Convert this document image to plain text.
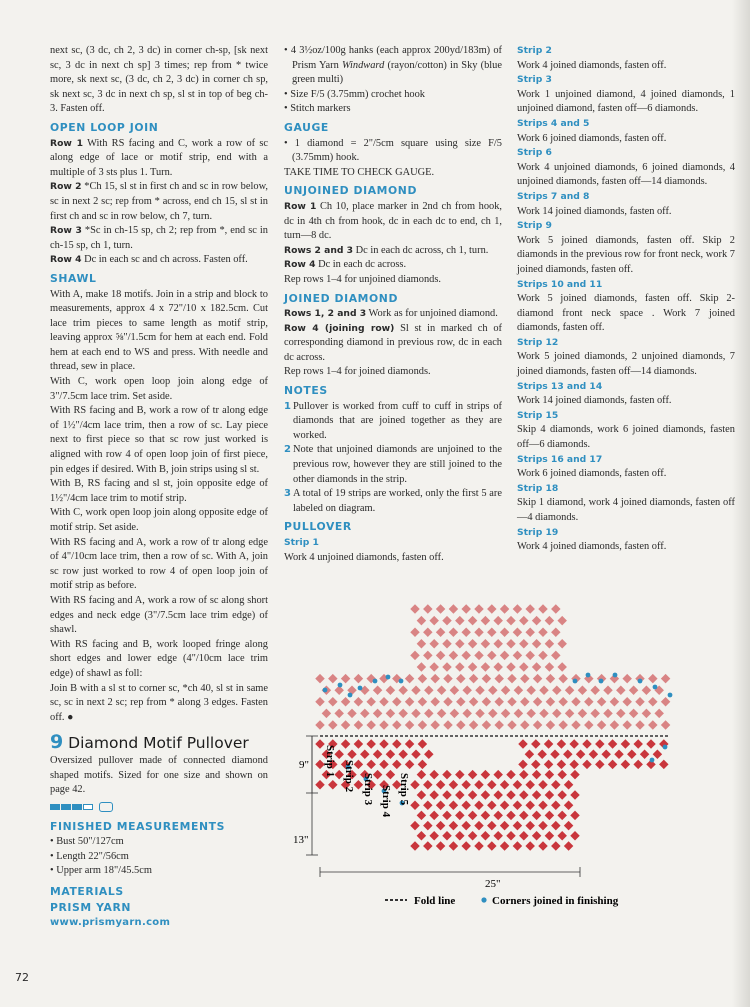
next sc, (3 dc, ch 2, 3 dc) in corner ch-sp, [sk next sc, 3 dc in next ch sp] 3 times; rep from * twice more, sk next sc, (3 dc, ch 2, 3 dc) in corner ch sp, sk next sc, 3 dc in next ch sp, sl st in top of beg ch-3. Fasten off.

OPEN LOOP JOIN

Row 1 With RS facing and C, work a row of sc along edge of lace or motif strip, end with a multiple of 3 sts plus 1. Turn.

Row 2 *Ch 15, sl st in first ch and sc in row below, sc in next 2 sc; rep from * across, end ch 15, sl st in first ch and sc in row below, ch 7, turn.

Row 3 *Sc in ch-15 sp, ch 2; rep from *, end sc in ch-15 sp, ch 1, turn.

Row 4 Dc in each sc and ch across. Fasten off.

SHAWL

With A, make 18 motifs. Join in a strip and block to measurements, approx 4 x 72"/10 x 182.5cm. Cut lace trim pieces to same length as motif strip, leaving approx ⅝"/1.5cm for hem at each end. Fold hem at each end to WS and press. With needle and thread, sew in place.

With C, work open loop join along edge of 3"/7.5cm lace trim. Set aside.

With RS facing and B, work a row of tr along edge of 1½"/4cm lace trim, then a row of sc. Lay piece next to first piece so that sc row just worked is aligned with row 4 of open loop join of first piece, pin edges if desired. With B, join strips using sl st.

With B, RS facing and sl st, join opposite edge of 1½"/4cm lace trim to motif strip.

With C, work open loop join along opposite edge of motif strip. Set aside.

With RS facing and A, work a row of tr along edge of 4"/10cm lace trim, then a row of sc. With A, join sc row just worked to row 4 of open loop join of motif strip as before.

With RS facing and A, work a row of sc along short edges and neck edge (3"/7.5cm lace trim edge) of shawl.

With RS facing and B, work looped fringe along short edges and lower edge (4"/10cm lace trim edge) of shawl as foll:

Join B with a sl st to corner sc, *ch 40, sl st in same sc, sc in next 2 sc; rep from * along 3 edges. Fasten off. ●

9 Diamond Motif Pullover

Oversized pullover made of connected diamond shaped motifs. Sized for one size and shown on page 42.

FINISHED MEASUREMENTS

• Bust 50"/127cm

• Length 22"/56cm

• Upper arm 18"/45.5cm

MATERIALS
PRISM YARN
www.prismyarn.com

• 4 3½oz/100g hanks (each approx 200yd/183m) of Prism Yarn Windward (rayon/cotton) in Sky (blue green multi)

• Size F/5 (3.75mm) crochet hook

• Stitch markers

GAUGE

• 1 diamond = 2"/5cm square using size F/5 (3.75mm) hook.

TAKE TIME TO CHECK GAUGE.

UNJOINED DIAMOND

Row 1 Ch 10, place marker in 2nd ch from hook, dc in 4th ch from hook, dc in each dc to end, ch 1, turn—8 dc.

Rows 2 and 3 Dc in each dc across, ch 1, turn.

Row 4 Dc in each dc across.

Rep rows 1–4 for unjoined diamonds.

JOINED DIAMOND

Rows 1, 2 and 3 Work as for unjoined diamond.

Row 4 (joining row) Sl st in marked ch of corresponding diamond in previous row, dc in each dc across.

Rep rows 1–4 for joined diamonds.

NOTES
1 Pullover is worked from cuff to cuff in strips of diamonds that are joined together as they are worked.

2 Note that unjoined diamonds are unjoined to the previous row, however they are still joined to the other diamonds in the strip.

3 A total of 19 strips are worked, only the first 5 are labeled on diagram.

PULLOVER
Strip 1

Work 4 unjoined diamonds, fasten off.

Strip 2

Work 4 joined diamonds, fasten off.

Strip 3

Work 1 unjoined diamond, 4 joined diamonds, 1 unjoined diamond, fasten off—6 diamonds.

Strips 4 and 5

Work 6 joined diamonds, fasten off.

Strip 6

Work 4 unjoined diamonds, 6 joined diamonds, 4 unjoined diamonds, fasten off—14 diamonds.

Strips 7 and 8

Work 14 joined diamonds, fasten off.

Strip 9

Work 5 joined diamonds, fasten off. Skip 2 diamonds in the previous row for front neck, work 7 joined diamonds, fasten off.

Strips 10 and 11

Work 5 joined diamonds, fasten off. Skip 2-diamond front neck space . Work 7 joined diamonds, fasten off.

Strip 12

Work 5 joined diamonds, 2 unjoined diamonds, 7 joined diamonds, fasten off—14 diamonds.

Strips 13 and 14

Work 14 joined diamonds, fasten off.

Strip 15

Skip 4 diamonds, work 6 joined diamonds, fasten off—6 diamonds.

Strips 16 and 17

Work 6 joined diamonds, fasten off.

Strip 18

Skip 1 diamond, work 4 joined diamonds, fasten off—4 diamonds.

Strip 19

Work 4 joined diamonds, fasten off.

9"
13"
25"
Strip 1 Strip 2 Strip 3 Strip 4 Strip 5
Fold line	Corners joined in finishing
72
